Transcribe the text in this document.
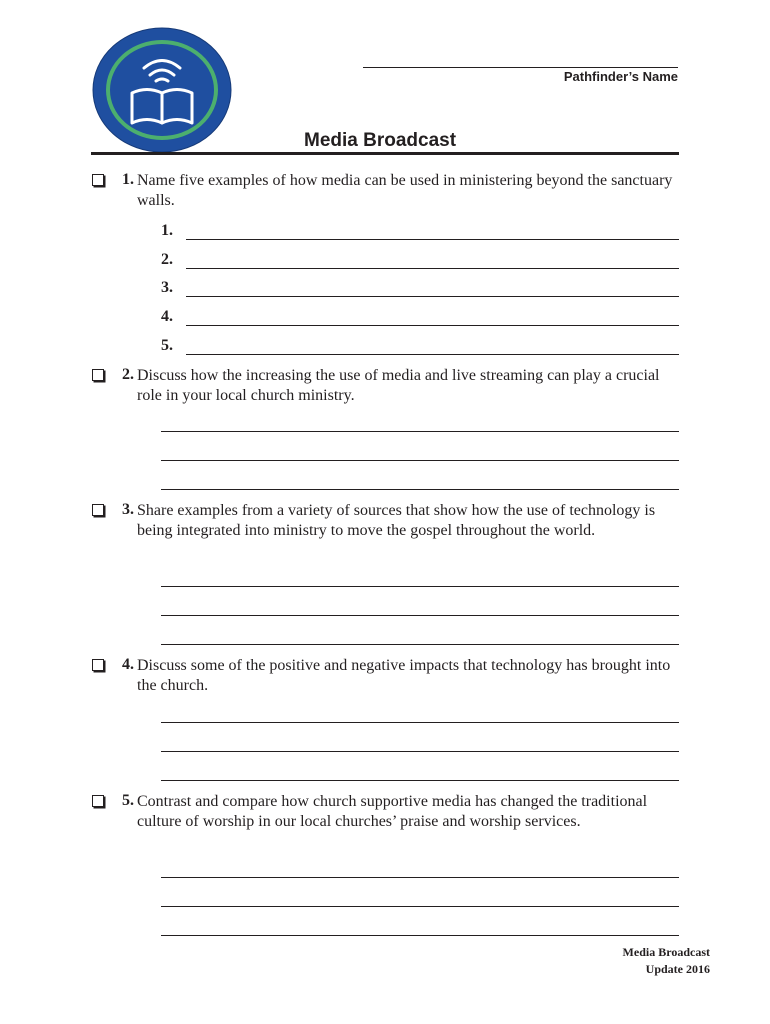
Pathfinder’s Name
Media Broadcast
1. Name five examples of how media can be used in ministering beyond the sanctuary walls.
1.
2.
3.
4.
5.
2. Discuss how the increasing the use of media and live streaming can play a crucial role in your local church ministry.
3. Share examples from a variety of sources that show how the use of technology is being integrated into ministry to move the gospel throughout the world.
4. Discuss some of the positive and negative impacts that technology has brought into the church.
5. Contrast and compare how church supportive media has changed the traditional culture of worship in our local churches’ praise and worship services.
Media Broadcast
Update 2016
